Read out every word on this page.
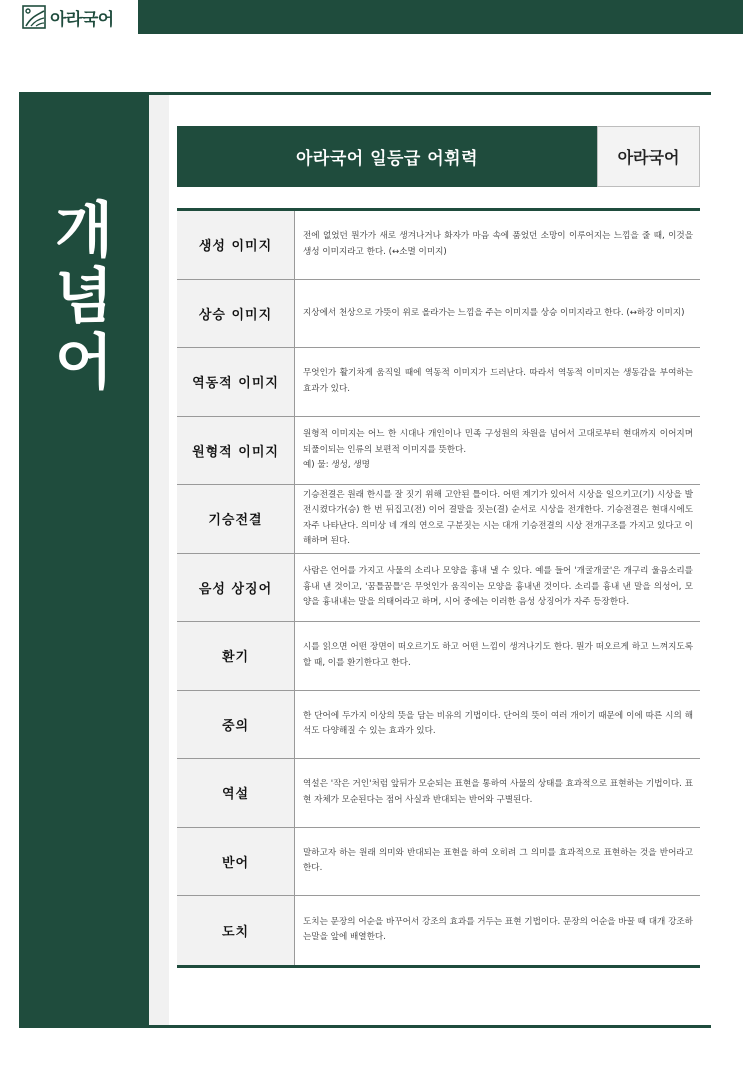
아라국어
개
념
어
아라국어 일등급 어휘력	아라국어
생성 이미지
전에 없었던 뭔가가 새로 생겨나거나 화자가 마음 속에 품었던 소망이 이루어지는 느낌을 줄 때, 이것을 생성 이미지라고 한다. (↔소멸 이미지)
상승 이미지	지상에서 천상으로 가뜻이 위로 올라가는 느낌을 주는 이미지를 상승 이미지라고 한다. (↔하강 이미지)
역동적 이미지
무엇인가 활기차게 움직일 때에 역동적 이미지가 드러난다. 따라서 역동적 이미지는 생동감을 부여하는 효과가 있다.
원형적 이미지
원형적 이미지는 어느 한 시대나 개인이나 민족 구성원의 차원을 넘어서 고대로부터 현대까지 이어지며 되풀이되는 인류의 보편적 이미지를 뜻한다.
예) 물: 생성, 생명
기승전결
기승전결은 원래 한시를 잘 짓기 위해 고안된 틀이다. 어떤 계기가 있어서 시상을 일으키고(기) 시상을 발전시켰다가(승) 한 번 뒤집고(전) 이어 결말을 짓는(결) 순서로 시상을 전개한다. 기승전결은 현대시에도 자주 나타난다. 의미상 네 개의 연으로 구분짓는 시는 대개 기승전결의 시상 전개구조를 가지고 있다고 이해하며 된다.
음성 상징어
사람은 언어를 가지고 사물의 소리나 모양을 흉내 낼 수 있다. 예를 들어 '개굴개굴'은 개구리 울음소리를 흉내 낸 것이고, '꿈틀꿈틀'은 무엇인가 움직이는 모양을 흉내낸 것이다. 소리를 흉내 낸 말을 의성어, 모양을 흉내내는 말을 의태어라고 하며, 시어 중에는 이러한 음성 상징어가 자주 등장한다.
환기
시를 읽으면 어떤 장면이 떠오르기도 하고 어떤 느낌이 생겨나기도 한다. 뭔가 떠오르게 하고 느껴지도록 할 때, 이를 환기한다고 한다.
중의
한 단어에 두가지 이상의 뜻을 담는 비유의 기법이다. 단어의 뜻이 여러 개이기 때문에 이에 따른 시의 해석도 다양해질 수 있는 효과가 있다.
역설
역설은 '작은 거인'처럼 앞뒤가 모순되는 표현을 통하여 사물의 상태를 효과적으로 표현하는 기법이다. 표현 자체가 모순된다는 점어 사실과 반대되는 반어와 구별된다.
반어
말하고자 하는 원래 의미와 반대되는 표현을 하여 오히려 그 의미를 효과적으로 표현하는 것을 반어라고 한다.
도치
도치는 문장의 어순을 바꾸어서 강조의 효과를 거두는 표현 기법이다. 문장의 어순을 바꿀 때 대개 강조하는말을 앞에 배열한다.
